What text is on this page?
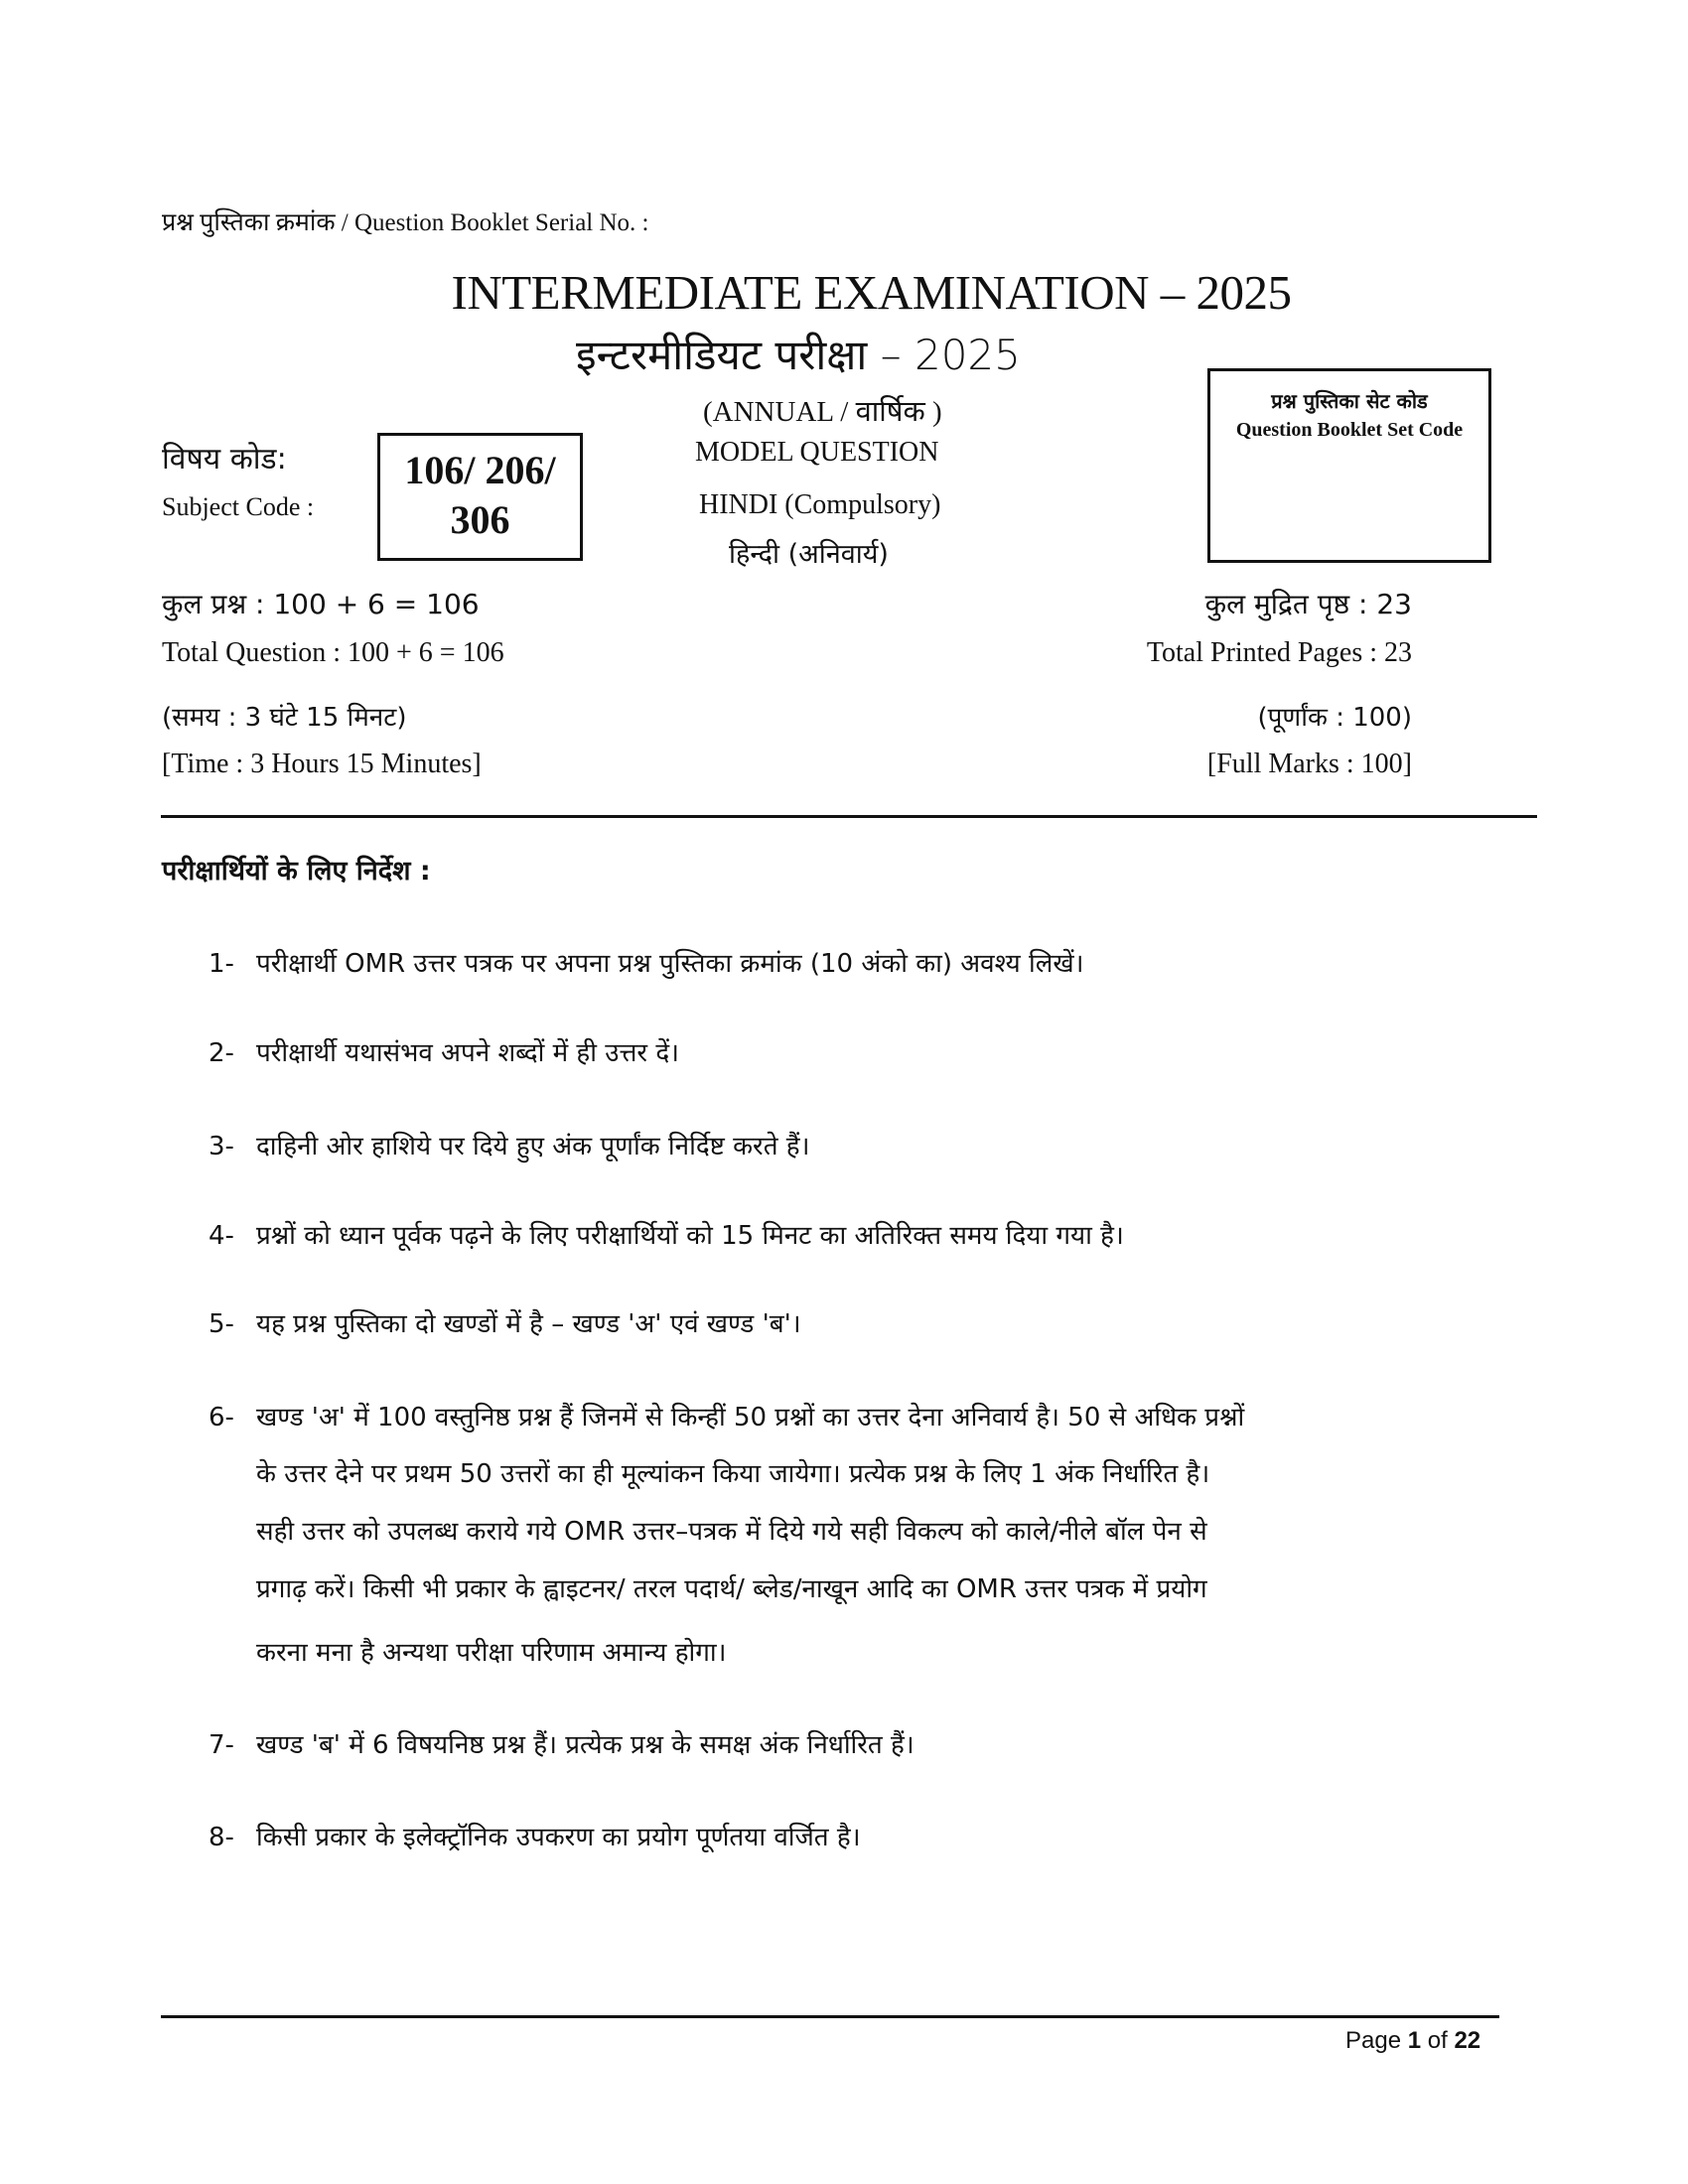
प्रश्न पुस्तिका क्रमांक / Question Booklet Serial No. :
INTERMEDIATE EXAMINATION – 2025
इन्टरमीडियट परीक्षा – 2025
(ANNUAL / वार्षिक )
MODEL QUESTION
HINDI (Compulsory)
हिन्दी (अनिवार्य)
विषय कोड:
Subject Code :
106/ 206/
306
प्रश्न पुस्तिका सेट कोड
Question Booklet Set Code
कुल प्रश्न : 100 + 6 = 106
Total Question : 100 + 6 = 106
(समय : 3 घंटे 15 मिनट)
[Time : 3 Hours 15 Minutes]
कुल मुद्रित पृष्ठ : 23
Total Printed Pages : 23
(पूर्णांक : 100)
[Full Marks : 100]
परीक्षार्थियों के लिए निर्देश :
1- परीक्षार्थी OMR उत्तर पत्रक पर अपना प्रश्न पुस्तिका क्रमांक (10 अंको का) अवश्य लिखें।
2- परीक्षार्थी यथासंभव अपने शब्दों में ही उत्तर दें।
3- दाहिनी ओर हाशिये पर दिये हुए अंक पूर्णांक निर्दिष्ट करते हैं।
4- प्रश्नों को ध्यान पूर्वक पढ़ने के लिए परीक्षार्थियों को 15 मिनट का अतिरिक्त समय दिया गया है।
5- यह प्रश्न पुस्तिका दो खण्डों में है – खण्ड 'अ' एवं खण्ड 'ब'।
6- खण्ड 'अ' में 100 वस्तुनिष्ठ प्रश्न हैं जिनमें से किन्हीं 50 प्रश्नों का उत्तर देना अनिवार्य है। 50 से अधिक प्रश्नों
के उत्तर देने पर प्रथम 50 उत्तरों का ही मूल्यांकन किया जायेगा। प्रत्येक प्रश्न के लिए 1 अंक निर्धारित है।
सही उत्तर को उपलब्ध कराये गये OMR उत्तर–पत्रक में दिये गये सही विकल्प को काले/नीले बॉल पेन से
प्रगाढ़ करें। किसी भी प्रकार के ह्वाइटनर/ तरल पदार्थ/ ब्लेड/नाखून आदि का OMR उत्तर पत्रक में प्रयोग
करना मना है अन्यथा परीक्षा परिणाम अमान्य होगा।
7- खण्ड 'ब' में 6 विषयनिष्ठ प्रश्न हैं। प्रत्येक प्रश्न के समक्ष अंक निर्धारित हैं।
8- किसी प्रकार के इलेक्ट्रॉनिक उपकरण का प्रयोग पूर्णतया वर्जित है।
Page 1 of 22
